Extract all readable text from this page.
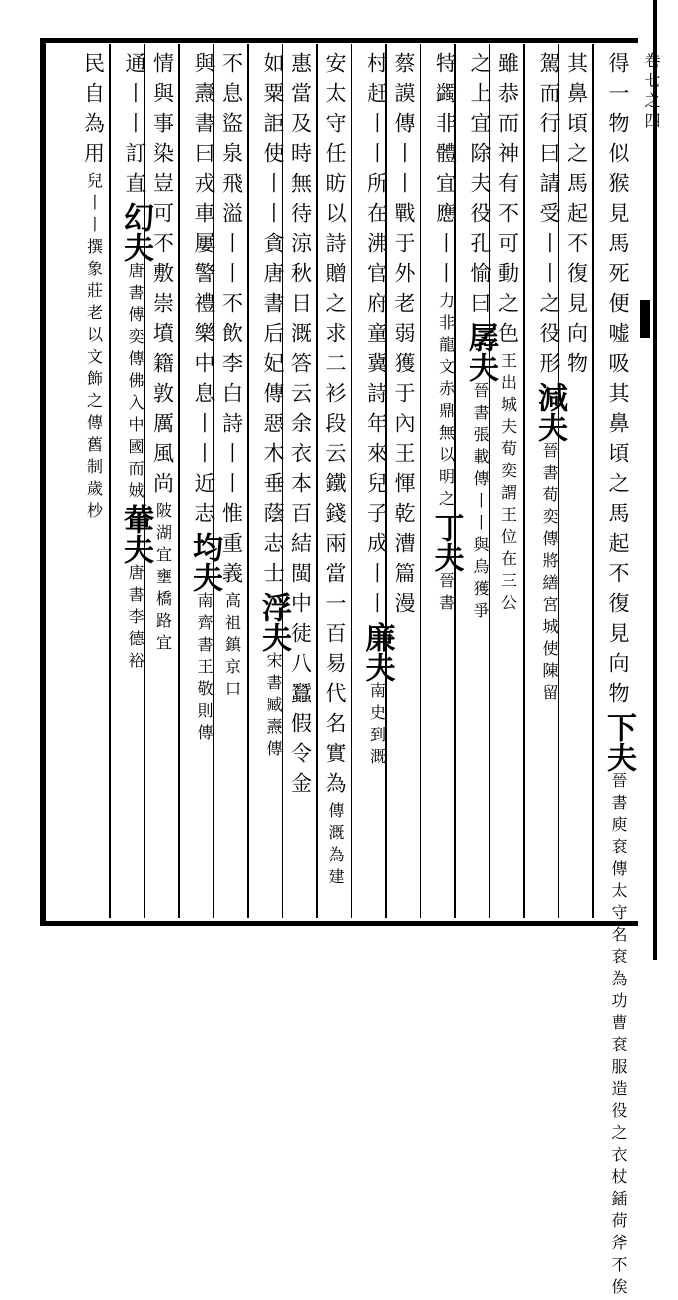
卷七之四
得一物似猴見馬死便嘘吸其鼻頃之馬起不復見向物下夫晉書庾袞傳太守名袞為功曹袞服造役之衣杖鍤荷斧不俟
其鼻頃之馬起不復見向物
駕而行曰請受丨丨之役形減夫晉書荀奕傳將繕宮城使陳留
雖恭而神有不可動之色王出城夫荀奕謂王位在三公
之上宜除夫役孔愉曰孱夫晉書張載傳丨丨與烏獲爭
特蠲非體宜應丨丨力非龍文赤鼎無以明之丁夫晉書
蔡謨傳丨丨戰于外老弱獲于內王惲乾漕篇漫
村赶丨丨所在沸官府童冀詩年來兒子成丨丨廉夫南史到溉
安太守任昉以詩贈之求二衫段云鐵錢兩當一百易代名實為傳溉為建
惠當及時無待涼秋日溉答云余衣本百結閩中徒八蠶假令金
如粟詎使丨丨貪唐書后妃傳惡木垂蔭志士浮夫宋書臧燾傳
不息盜泉飛溢丨丨不飲李白詩丨丨惟重義高祖鎮京口
與燾書曰戎車屢警禮樂中息丨丨近志均夫南齊書王敬則傳
情與事染豈可不敷崇墳籍敦厲風尚陂湖宜壅橋路宜
通丨丨訂直幻夫唐書傅奕傳佛入中國而娀輂夫唐書李德裕
民自為用兒丨丨撰象莊老以文飾之傳舊制歲杪
